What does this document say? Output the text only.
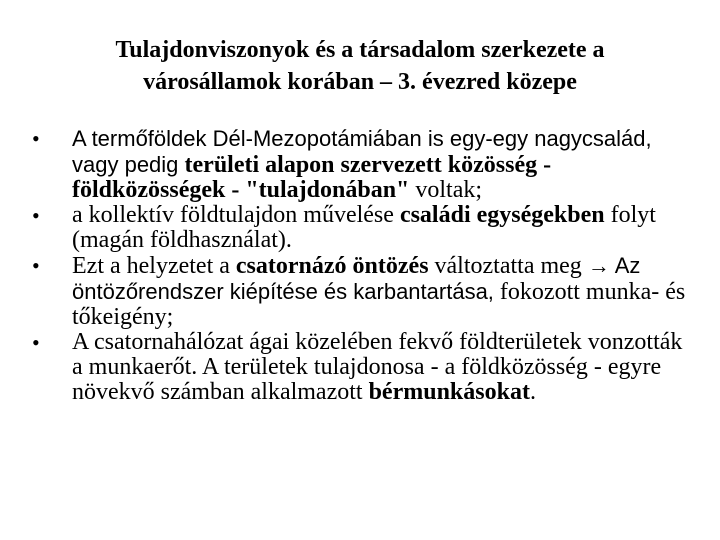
Tulajdonviszonyok és a társadalom szerkezete a
városállamok korában – 3. évezred közepe
• A termőföldek Dél-Mezopotámiában is egy-egy nagycsalád, vagy pedig területi alapon szervezett közösség - földközösségek - "tulajdonában" voltak;
• a kollektív földtulajdon művelése családi egységekben folyt (magán földhasználat).
• Ezt a helyzetet a csatornázó öntözés változtatta meg → Az öntözőrendszer kiépítése és karbantartása, fokozott munka- és tőkeigény;
• A csatornahálózat ágai közelében fekvő földterületek vonzották a munkaerőt. A területek tulajdonosa - a földközösség - egyre növekvő számban alkalmazott bérmunkásokat.
